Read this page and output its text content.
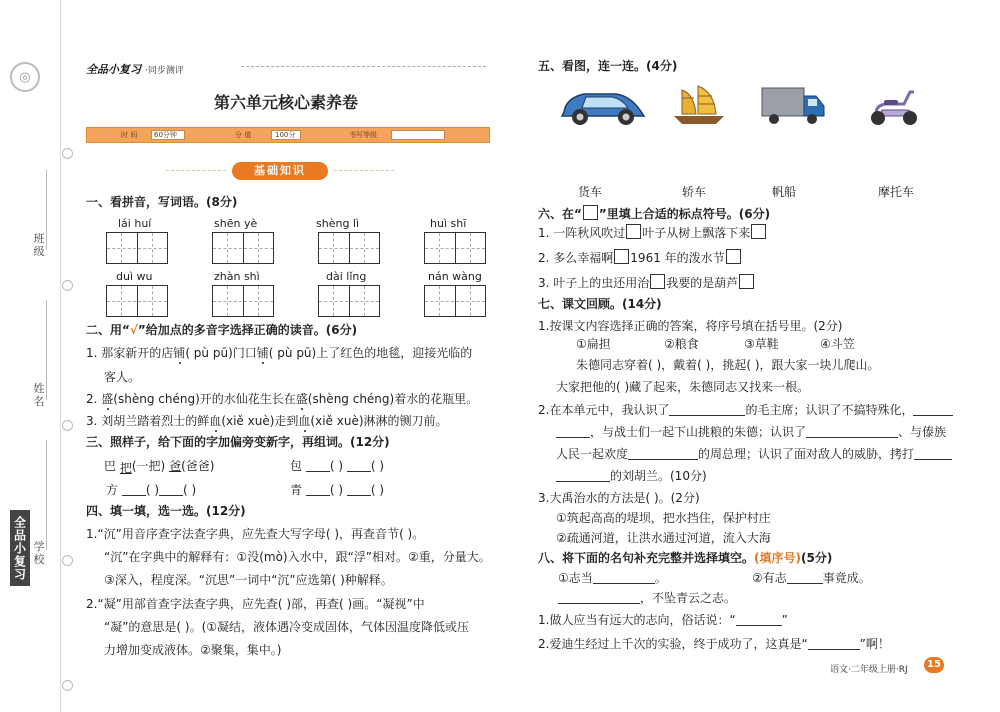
◎
班级
姓名
学校
全品小复习
全品小复习 ·同步测评
第六单元核心素养卷
时 间 60分钟	分 值	100分	书写等级
基础知识
一、看拼音，写词语。(8分)
lái huí	shēn yè	shèng lì	huì shī
duì wu	zhàn shì	dài lǐng	nán wàng
二、用“√”给加点的多音字选择正确的读音。(6分)
1. 那家新开的店铺( pù pū)门口铺( pù pū)上了红色的地毯，迎接光临的
客人。
2. 盛(shèng chéng)开的水仙花生长在盛(shèng chéng)着水的花瓶里。
3. 刘胡兰踏着烈士的鲜血(xiě xuè)走到血(xiě xuè)淋淋的铡刀前。
三、照样子，给下面的字加偏旁变新字，再组词。(12分)
巴 把(一把) 爸(爸爸)	包 ( ) ( )
方 ( ) ( )	青 ( ) ( )
四、填一填，选一选。(12分)
1.“沉”用音序查字法查字典，应先查大写字母( )，再查音节( )。
“沉”在字典中的解释有：①没(mò)入水中，跟“浮”相对。②重，分量大。
③深入，程度深。“沉思”一词中“沉”应选第( )种解释。
2.“凝”用部首查字法查字典，应先查( )部，再查( )画。“凝视”中
“凝”的意思是( )。(①凝结，液体遇冷变成固体，气体因温度降低或压
力增加变成液体。②聚集，集中。)
五、看图，连一连。(4分)
货车	轿车	帆船	摩托车
六、在“ ”里填上合适的标点符号。(6分)
1. 一阵秋风吹过 叶子从树上飘落下来
2. 多么幸福啊 1961 年的泼水节
3. 叶子上的虫还用治 我要的是葫芦
七、课文回顾。(14分)
1.按课文内容选择正确的答案，将序号填在括号里。(2分)
①扁担	②粮食	③草鞋	④斗笠
朱德同志穿着( )，戴着( )，挑起( )，跟大家一块儿爬山。
大家把他的( )藏了起来，朱德同志又找来一根。
2.在本单元中，我认识了	的毛主席；认识了不搞特殊化，
，与战士们一起下山挑粮的朱德；认识了	、与傣族
人民一起欢度	的周总理；认识了面对敌人的威胁，拷打
的刘胡兰。(10分)
3.大禹治水的方法是( )。(2分)
①筑起高高的堤坝，把水挡住，保护村庄
②疏通河道，让洪水通过河道，流入大海
八、将下面的名句补充完整并选择填空。(填序号)(5分)
①志当	。	②有志	事竟成。
，不坠青云之志。
1.做人应当有远大的志向，俗话说：“	”
2.爱迪生经过上千次的实验，终于成功了，这真是“	”啊！
语文·二年级上册·RJ	15
